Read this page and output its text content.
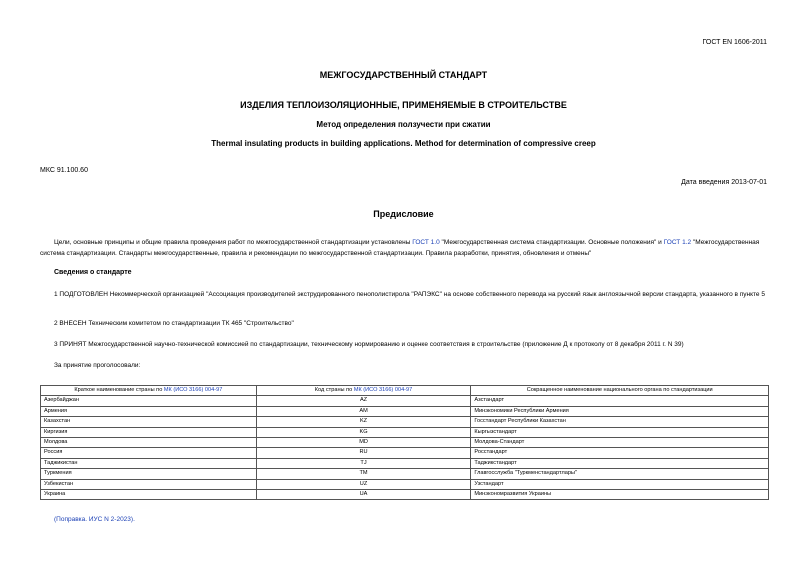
ГОСТ EN 1606-2011
МЕЖГОСУДАРСТВЕННЫЙ СТАНДАРТ
ИЗДЕЛИЯ ТЕПЛОИЗОЛЯЦИОННЫЕ, ПРИМЕНЯЕМЫЕ В СТРОИТЕЛЬСТВЕ
Метод определения ползучести при сжатии
Thermal insulating products in building applications. Method for determination of compressive creep
МКС 91.100.60
Дата введения 2013-07-01
Предисловие
Цели, основные принципы и общие правила проведения работ по межгосударственной стандартизации установлены ГОСТ 1.0 "Межгосударственная система стандартизации. Основные положения" и ГОСТ 1.2 "Межгосударственная система стандартизации. Стандарты межгосударственные, правила и рекомендации по межгосударственной стандартизации. Правила разработки, принятия, обновления и отмены"
Сведения о стандарте
1 ПОДГОТОВЛЕН Некоммерческой организацией "Ассоциация производителей экструдированного пенополистирола "РАПЭКС" на основе собственного перевода на русский язык англоязычной версии стандарта, указанного в пункте 5
2 ВНЕСЕН Техническим комитетом по стандартизации ТК 465 "Строительство"
3 ПРИНЯТ Межгосударственной научно-технической комиссией по стандартизации, техническому нормированию и оценке соответствия в строительстве (приложение Д к протоколу от 8 декабря 2011 г. N 39)
За принятие проголосовали:
Краткое наименование страны по МК (ИСО 3166) 004-97	Код страны по МК (ИСО 3166) 004-97	Сокращенное наименование национального органа по стандартизации
Азербайджан	AZ	Азстандарт
Армения	AM	Минэкономики Республики Армения
Казахстан	KZ	Госстандарт Республики Казахстан
Киргизия	KG	Кыргызстандарт
Молдова	MD	Молдова-Стандарт
Россия	RU	Росстандарт
Таджикистан	TJ	Таджикстандарт
Туркмения	TM	Главгосслужба "Туркменстандартлары"
Узбекистан	UZ	Узстандарт
Украина	UA	Минэкономразвития Украины
(Поправка. ИУС N 2-2023).
